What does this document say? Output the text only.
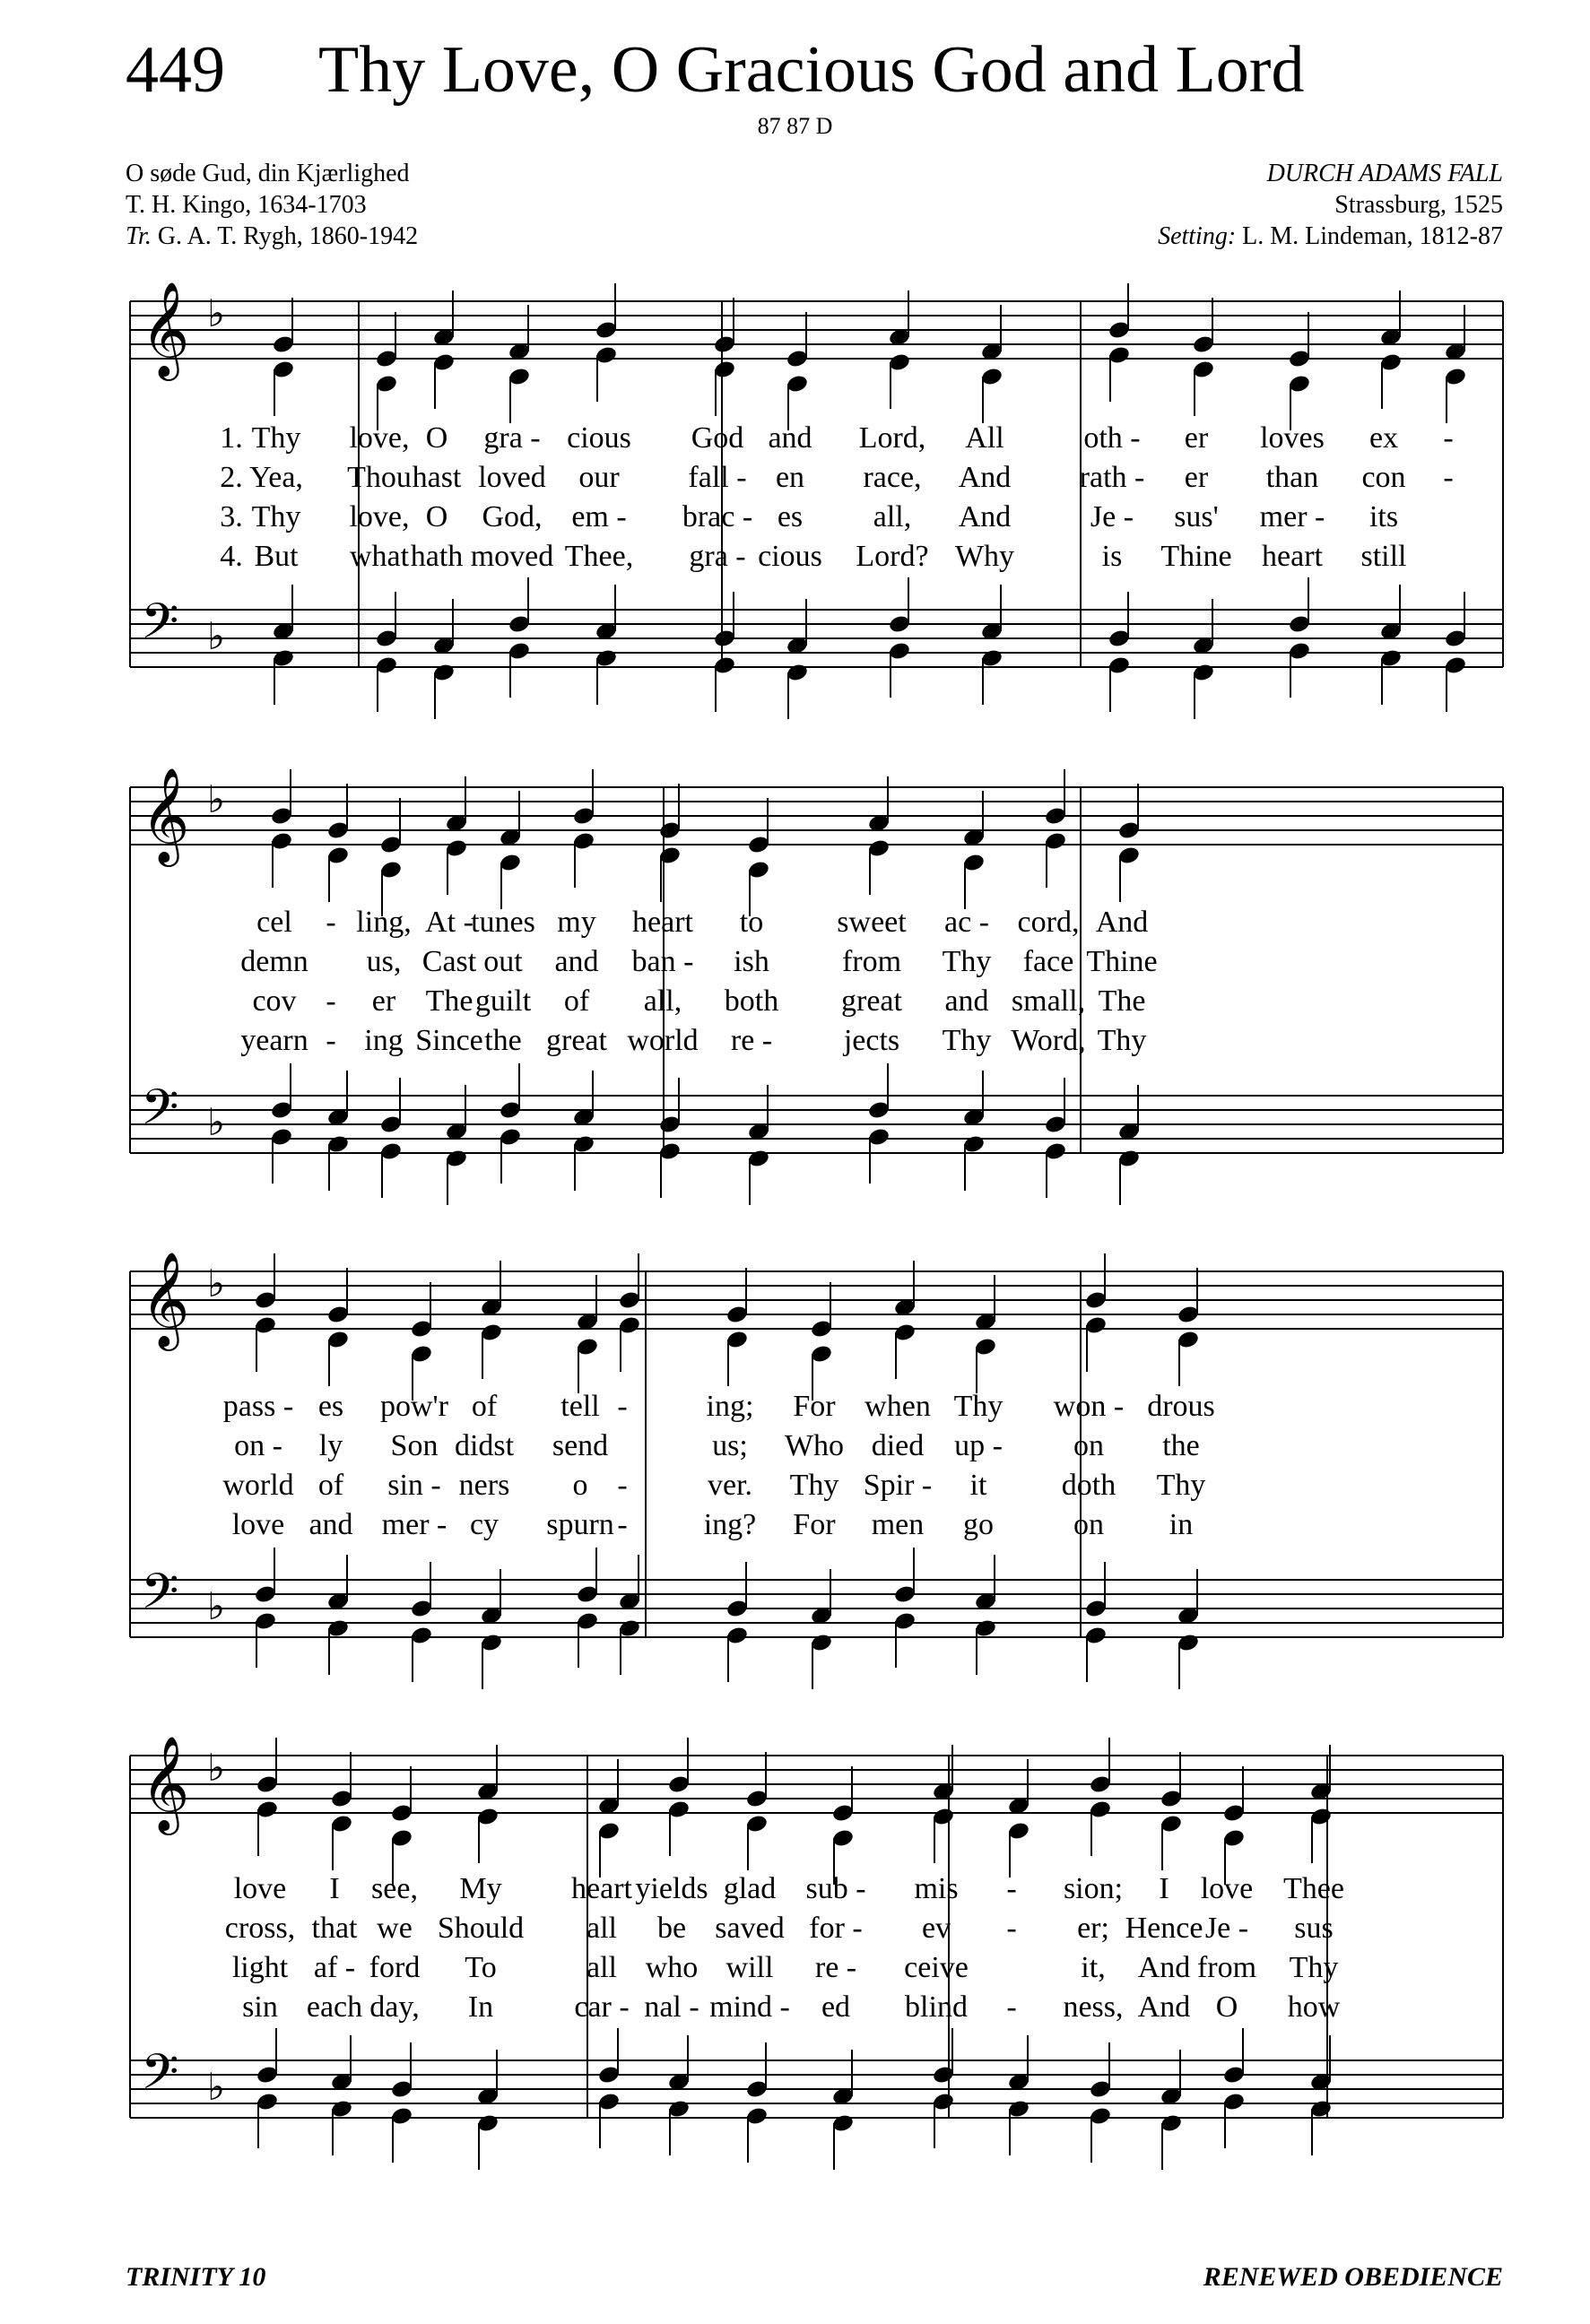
449 Thy Love, O Gracious God and Lord
87 87 D
O søde Gud, din Kjærlighed
T. H. Kingo, 1634-1703
Tr. G. A. T. Rygh, 1860-1942
DURCH ADAMS FALL
Strassburg, 1525
Setting: L. M. Lindeman, 1812-87
𝄞 ♭
𝄢 ♭
𝄞 ♭
𝄢 ♭
𝄞 ♭
𝄢 ♭
𝄞 ♭
𝄢 ♭
1.
2.
3.
4.
Thy
Yea,
Thy
But
love,
Thou
love,
what
O
hast
O
hath
gra -
loved
God,
moved
cious
our
em -
Thee,
God
fall -
brac -
gra -
and
en
es
cious
Lord,
race,
all,
Lord?
All
And
And
Why
oth -
rath -
Je -
is
er
er
sus'
Thine
loves
than
mer -
heart
ex
con
its
still
-
-
cel
demn
cov
yearn
-
-
-
ling,
us,
er
ing
At -
Cast
The
Since
tunes
out
guilt
the
my
and
of
great
heart
ban -
all,
world
to
ish
both
re -
sweet
from
great
jects
ac -
Thy
and
Thy
cord,
face
small,
Word,
And
Thine
The
Thy
pass -
on -
world
love
es
ly
of
and
pow'r
Son
sin -
mer -
of
didst
ners
cy
tell
send
o
spurn
-
-
-
ing;
us;
ver.
ing?
For
Who
Thy
For
when
died
Spir -
men
Thy
up -
it
go
won -
on
doth
on
drous
the
Thy
in
love
cross,
light
sin
I
that
af -
each
see,
we
ford
day,
My
Should
To
In
heart
all
all
car -
yields
be
who
nal -
glad
saved
will
mind -
sub -
for -
re -
ed
mis
ev
ceive
blind
-
-
-
sion;
er;
it,
ness,
I
Hence
And
And
love
Je -
from
O
Thee
sus
Thy
how
TRINITY 10	RENEWED OBEDIENCE
